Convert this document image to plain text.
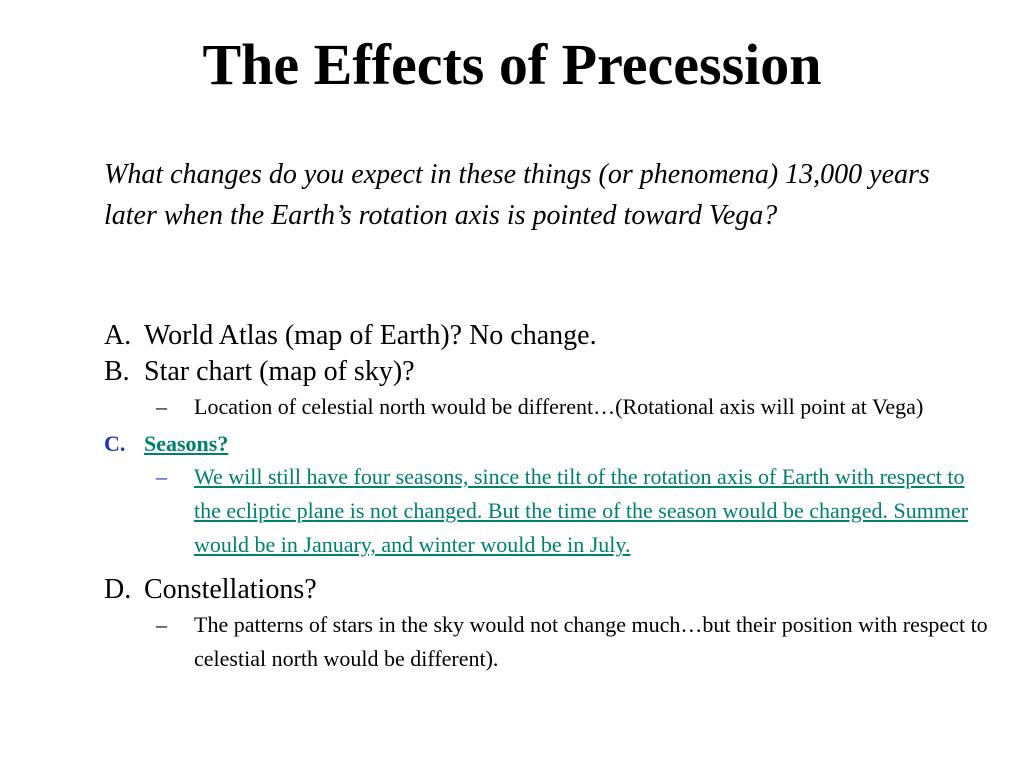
The Effects of Precession

What changes do you expect in these things (or phenomena) 13,000 years later when the Earth’s rotation axis is pointed toward Vega?

A. World Atlas (map of Earth)? No change.
B. Star chart (map of sky)?
– Location of celestial north would be different…(Rotational axis will point at Vega)
C. Seasons?
– We will still have four seasons, since the tilt of the rotation axis of Earth with respect to the ecliptic plane is not changed. But the time of the season would be changed. Summer would be in January, and winter would be in July.
D. Constellations?
– The patterns of stars in the sky would not change much…but their position with respect to celestial north would be different).
